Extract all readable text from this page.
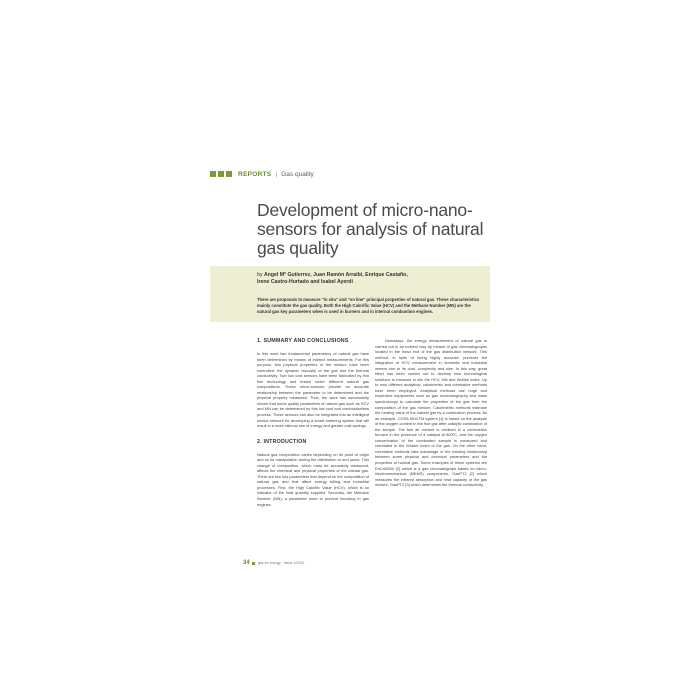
REPORTS | Gas quality
Development of micro-nano-sensors for analysis of natural gas quality
by Angel Mª Gutierrez, Juan Ramón Arraibi, Enrique Castaño,
Irene Castro-Hurtado and Isabel Ayerdi

There are proposals to measure "in situ" and "on line" principal properties of natural gas. These characteristics mainly constitute the gas quality. Both the High Calorific Value (HCV) and the Methane Number (MN) are the natural gas key parameters when is used in burners and in internal combustion engines.

1. SUMMARY AND CONCLUSIONS

In this work two fundamental parameters of natural gas have been determined by means of indirect measurements. For this purpose, two physical properties of the mixture have been controlled: the dynamic viscosity of the gas and the thermal conductivity. Two low cost sensors have been fabricated by thin film technology and tested under different natural gas compositions. These micro-sensors provide an accurate relationship between the parameter to be determined and the physical property measured. Thus, the work has successfully shown that some quality parameters of natural gas such as HCV and MN can be determined by this low cost and combustionless process. These sensors can also be integrated into an intelligent sensor network for developing a smart metering system that will result in a more rational use of energy and greater cost savings.

2. INTRODUCTION

Natural gas composition varies depending on its point of origin and on its manipulation during the distribution to end users. This change of composition, which must be accurately measured, affects the chemical and physical properties of the natural gas. There are two key parameters that depend on the composition of natural gas and that affect energy billing and industrial processes. First, the High Calorific Value (HCV), which is an indicator of the heat quantity supplied. Secondly, the Methane Number (MN), a parameter used to prevent knocking in gas engines.

Nowadays, the energy measurement of natural gas is carried out in an indirect way by means of gas chromatographs located in the head end of the gas distribution network. This method, in spite of being highly accurate, prevents the integration of HCV measurement in domestic and industrial meters due to its cost, complexity and size. In this way, great effort has been carried out to develop new technological solutions to measure in situ the HCV, MN and Wobbe index. Up to now different analytical, calorimetric and correlative methods have been employed. Analytical methods use huge and expensive equipments such as gas chromatography and mass spectroscopy to calculate the properties of the gas from the composition of the gas mixture. Calorimetric methods estimate the heating value of the natural gas by a combustion process. As an example, COSA 9610TM system [1] is based on the analysis of the oxygen content in the flue gas after catalytic combustion of the sample. The fuel air mixture is oxidized in a combustion furnace in the presence of a catalyst at 800ºC, and the oxygen concentration of the combusted sample is measured and correlated to the Wobbe Index of the gas. On the other hand, correlative methods take advantage of the existing relationship between some physical and chemical parameters and the properties of natural gas. Some examples of these systems are EnCal3000 [2] which is a gas chromatograph based on micro-electromechanical (MEMS) components, GasPT2 [2] which measures the infrared absorption and heat capacity of the gas mixture, GasPT2 [3] which determines the thermal conductivity,

34 gas for energy · Issue 1/2015
